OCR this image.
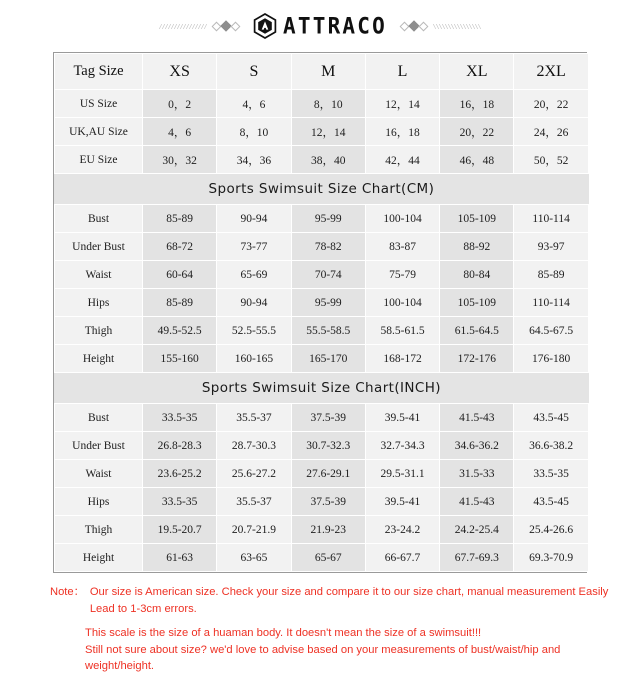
ATTRACO
Tag Size	XS	S	M	L	XL	2XL
US Size	0，2	4，6	8，10	12，14	16，18	20，22
UK,AU Size	4，6	8，10	12，14	16，18	20，22	24，26
EU Size	30，32	34，36	38，40	42，44	46，48	50，52
Sports Swimsuit Size Chart(CM)						
Bust	85-89	90-94	95-99	100-104	105-109	110-114
Under Bust	68-72	73-77	78-82	83-87	88-92	93-97
Waist	60-64	65-69	70-74	75-79	80-84	85-89
Hips	85-89	90-94	95-99	100-104	105-109	110-114
Thigh	49.5-52.5	52.5-55.5	55.5-58.5	58.5-61.5	61.5-64.5	64.5-67.5
Height	155-160	160-165	165-170	168-172	172-176	176-180
Sports Swimsuit Size Chart(INCH)						
Bust	33.5-35	35.5-37	37.5-39	39.5-41	41.5-43	43.5-45
Under Bust	26.8-28.3	28.7-30.3	30.7-32.3	32.7-34.3	34.6-36.2	36.6-38.2
Waist	23.6-25.2	25.6-27.2	27.6-29.1	29.5-31.1	31.5-33	33.5-35
Hips	33.5-35	35.5-37	37.5-39	39.5-41	41.5-43	43.5-45
Thigh	19.5-20.7	20.7-21.9	21.9-23	23-24.2	24.2-25.4	25.4-26.6
Height	61-63	63-65	65-67	66-67.7	67.7-69.3	69.3-70.9
Note： Our size is American size. Check your size and compare it to our size chart, manual measurement Easily
Lead to 1-3cm errors.
This scale is the size of a huaman body. It doesn't mean the size of a swimsuit!!!
Still not sure about size? we'd love to advise based on your measurements of bust/waist/hip and weight/height.
